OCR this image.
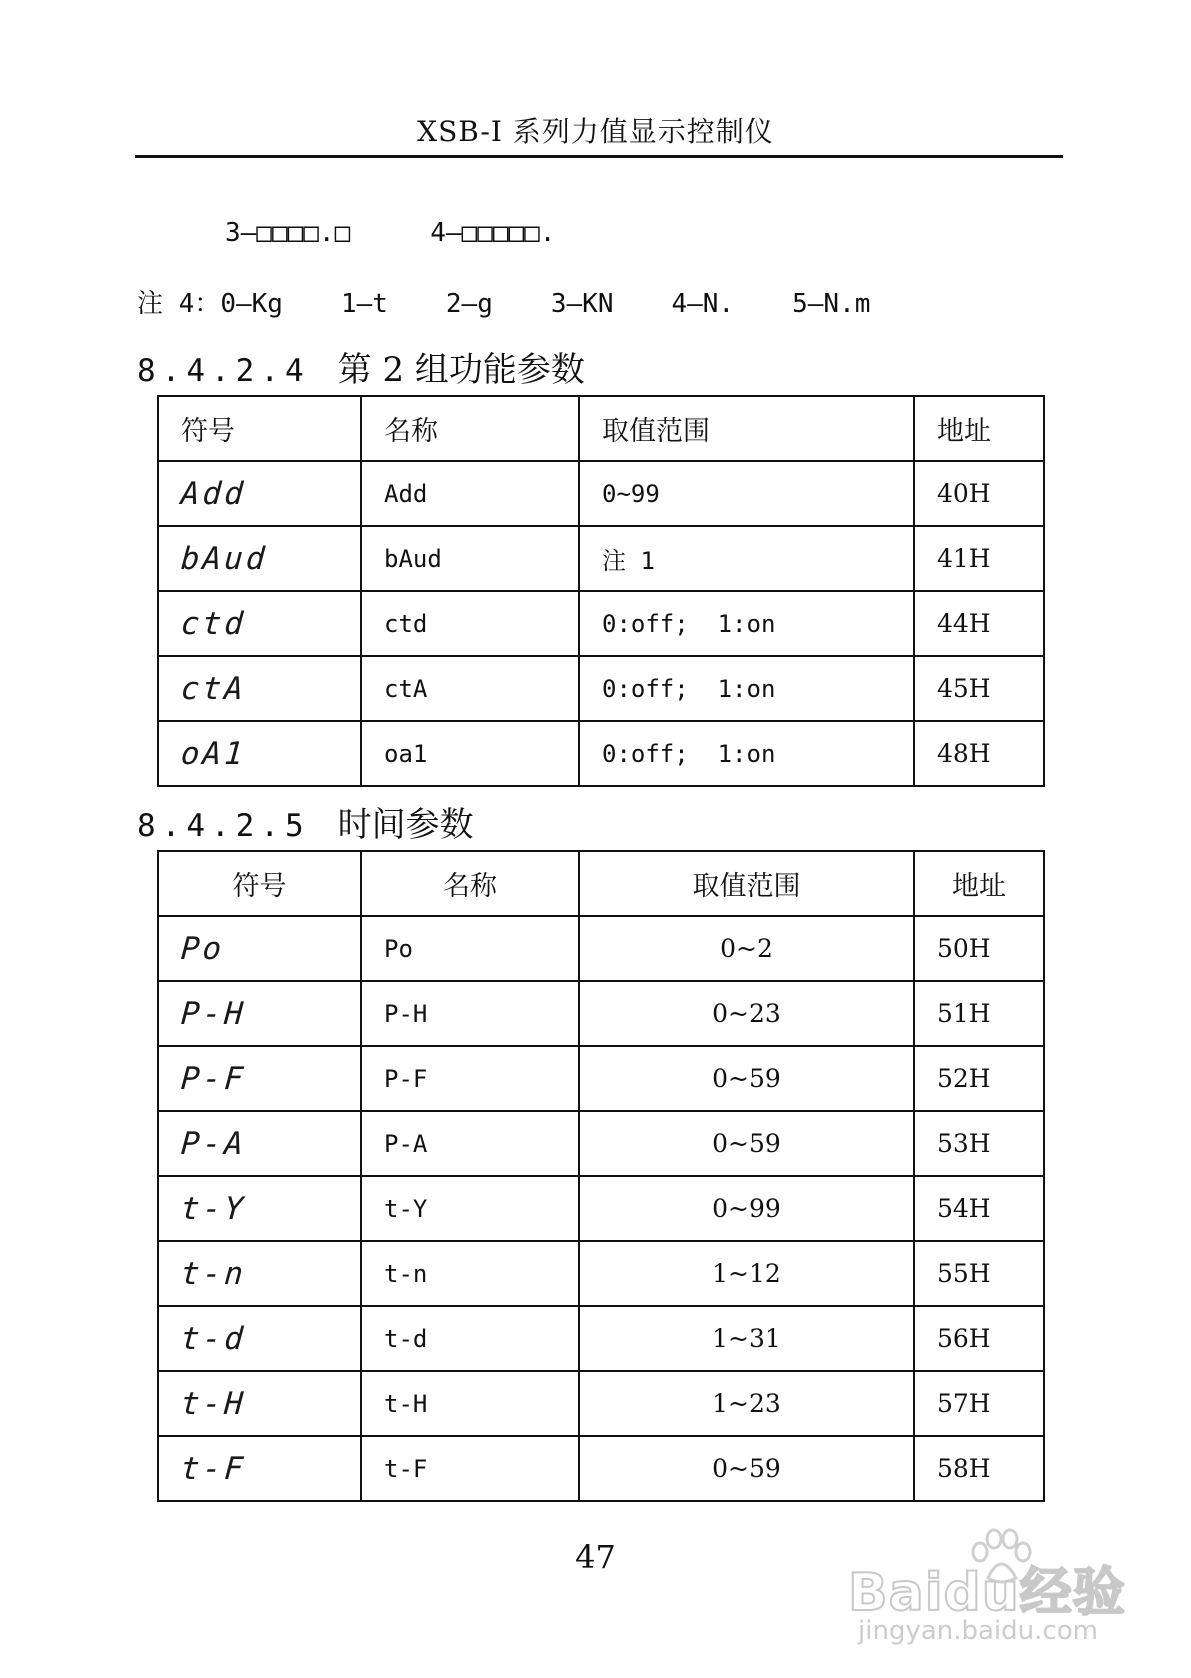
XSB-I 系列力值显示控制仪
3—□□□□.□	4—□□□□□.
注 4：0—Kg 1—t 2—g 3—KN 4—N. 5—N.m
8.4.2.4 第 2 组功能参数
符号	名称	取值范围	地址
Add	Add	0~99	40H
bAud	bAud	注 1	41H
ctd	ctd	0:off;  1:on	44H
ctA	ctA	0:off;  1:on	45H
oA1	oa1	0:off;  1:on	48H
8.4.2.5 时间参数
符号	名称	取值范围	地址
Po	Po	0~2	50H
P-H	P-H	0~23	51H
P-F	P-F	0~59	52H
P-A	P-A	0~59	53H
t-Y	t-Y	0~99	54H
t-n	t-n	1~12	55H
t-d	t-d	1~31	56H
t-H	t-H	1~23	57H
t-F	t-F	0~59	58H
47
Baidu经验
jingyan.baidu.com
